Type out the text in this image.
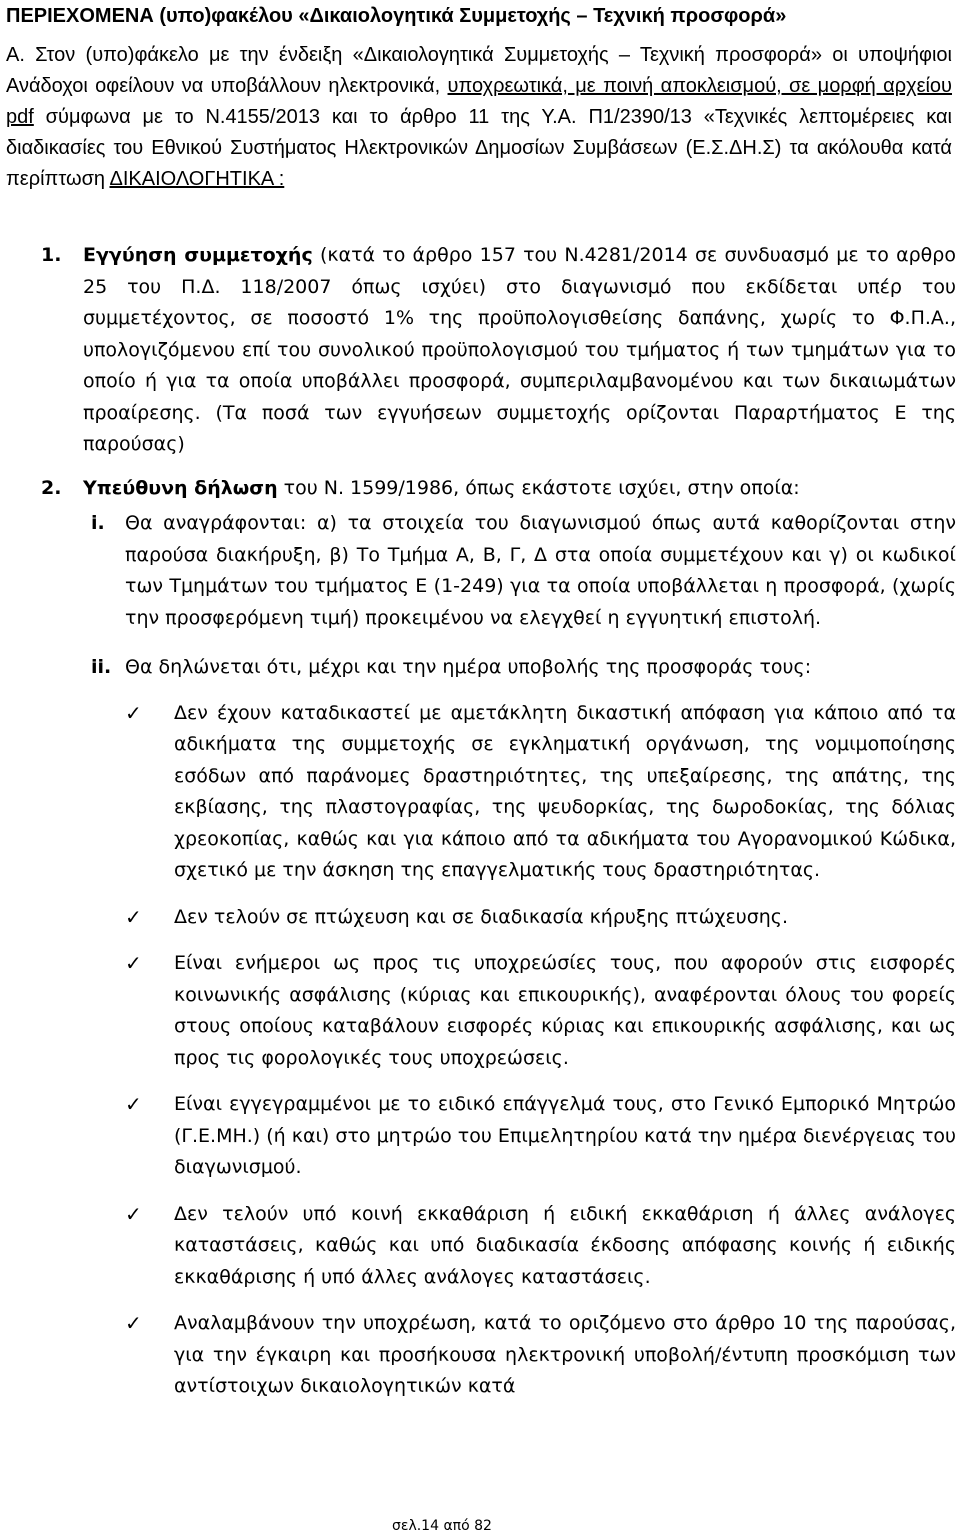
ΠΕΡΙΕΧΟΜΕΝΑ (υπο)φακέλου «Δικαιολογητικά Συμμετοχής – Τεχνική προσφορά»
Α. Στον (υπο)φάκελο με την ένδειξη «Δικαιολογητικά Συμμετοχής – Τεχνική προσφορά» οι υποψήφιοι Ανάδοχοι οφείλουν να υποβάλλουν ηλεκτρονικά, υποχρεωτικά, με ποινή αποκλεισμού, σε μορφή αρχείου pdf σύμφωνα με το Ν.4155/2013 και το άρθρο 11 της Υ.Α. Π1/2390/13 «Τεχνικές λεπτομέρειες και διαδικασίες του Εθνικού Συστήματος Ηλεκτρονικών Δημοσίων Συμβάσεων (Ε.Σ.ΔΗ.Σ) τα ακόλουθα κατά περίπτωση ΔΙΚΑΙΟΛΟΓΗΤΙΚΑ :
1. Εγγύηση συμμετοχής (κατά το άρθρο 157 του Ν.4281/2014 σε συνδυασμό με το αρθρο 25 του Π.Δ. 118/2007 όπως ισχύει) στο διαγωνισμό που εκδίδεται υπέρ του συμμετέχοντος, σε ποσοστό 1% της προϋπολογισθείσης δαπάνης, χωρίς το Φ.Π.Α., υπολογιζόμενου επί του συνολικού προϋπολογισμού του τμήματος ή των τμημάτων για το οποίο ή για τα οποία υποβάλλει προσφορά, συμπεριλαμβανομένου και των δικαιωμάτων προαίρεσης. (Τα ποσά των εγγυήσεων συμμετοχής ορίζονται Παραρτήματος Ε της παρούσας)
2. Υπεύθυνη δήλωση του Ν. 1599/1986, όπως εκάστοτε ισχύει, στην οποία:
i. Θα αναγράφονται: α) τα στοιχεία του διαγωνισμού όπως αυτά καθορίζονται στην παρούσα διακήρυξη, β) Το Τμήμα Α, Β, Γ, Δ στα οποία συμμετέχουν και γ) οι κωδικοί των Τμημάτων του τμήματος Ε (1-249) για τα οποία υποβάλλεται η προσφορά, (χωρίς την προσφερόμενη τιμή) προκειμένου να ελεγχθεί η εγγυητική επιστολή.
ii. Θα δηλώνεται ότι, μέχρι και την ημέρα υποβολής της προσφοράς τους:
✓ Δεν έχουν καταδικαστεί με αμετάκλητη δικαστική απόφαση για κάποιο από τα αδικήματα της συμμετοχής σε εγκληματική οργάνωση, της νομιμοποίησης εσόδων από παράνομες δραστηριότητες, της υπεξαίρεσης, της απάτης, της εκβίασης, της πλαστογραφίας, της ψευδορκίας, της δωροδοκίας, της δόλιας χρεοκοπίας, καθώς και για κάποιο από τα αδικήματα του Αγορανομικού Κώδικα, σχετικό με την άσκηση της επαγγελματικής τους δραστηριότητας.
✓ Δεν τελούν σε πτώχευση και σε διαδικασία κήρυξης πτώχευσης.
✓ Είναι ενήμεροι ως προς τις υποχρεώσίες τους, που αφορούν στις εισφορές κοινωνικής ασφάλισης (κύριας και επικουρικής), αναφέρονται όλους του φορείς στους οποίους καταβάλουν εισφορές κύριας και επικουρικής ασφάλισης, και ως προς τις φορολογικές τους υποχρεώσεις.
✓ Είναι εγγεγραμμένοι με το ειδικό επάγγελμά τους, στο Γενικό Εμπορικό Μητρώο (Γ.Ε.ΜΗ.) (ή και) στο μητρώο του Επιμελητηρίου κατά την ημέρα διενέργειας του διαγωνισμού.
✓ Δεν τελούν υπό κοινή εκκαθάριση ή ειδική εκκαθάριση ή άλλες ανάλογες καταστάσεις, καθώς και υπό διαδικασία έκδοσης απόφασης κοινής ή ειδικής εκκαθάρισης ή υπό άλλες ανάλογες καταστάσεις.
✓ Αναλαμβάνουν την υποχρέωση, κατά το οριζόμενο στο άρθρο 10 της παρούσας, για την έγκαιρη και προσήκουσα ηλεκτρονική υποβολή/έντυπη προσκόμιση των αντίστοιχων δικαιολογητικών κατά
σελ.14 από 82
